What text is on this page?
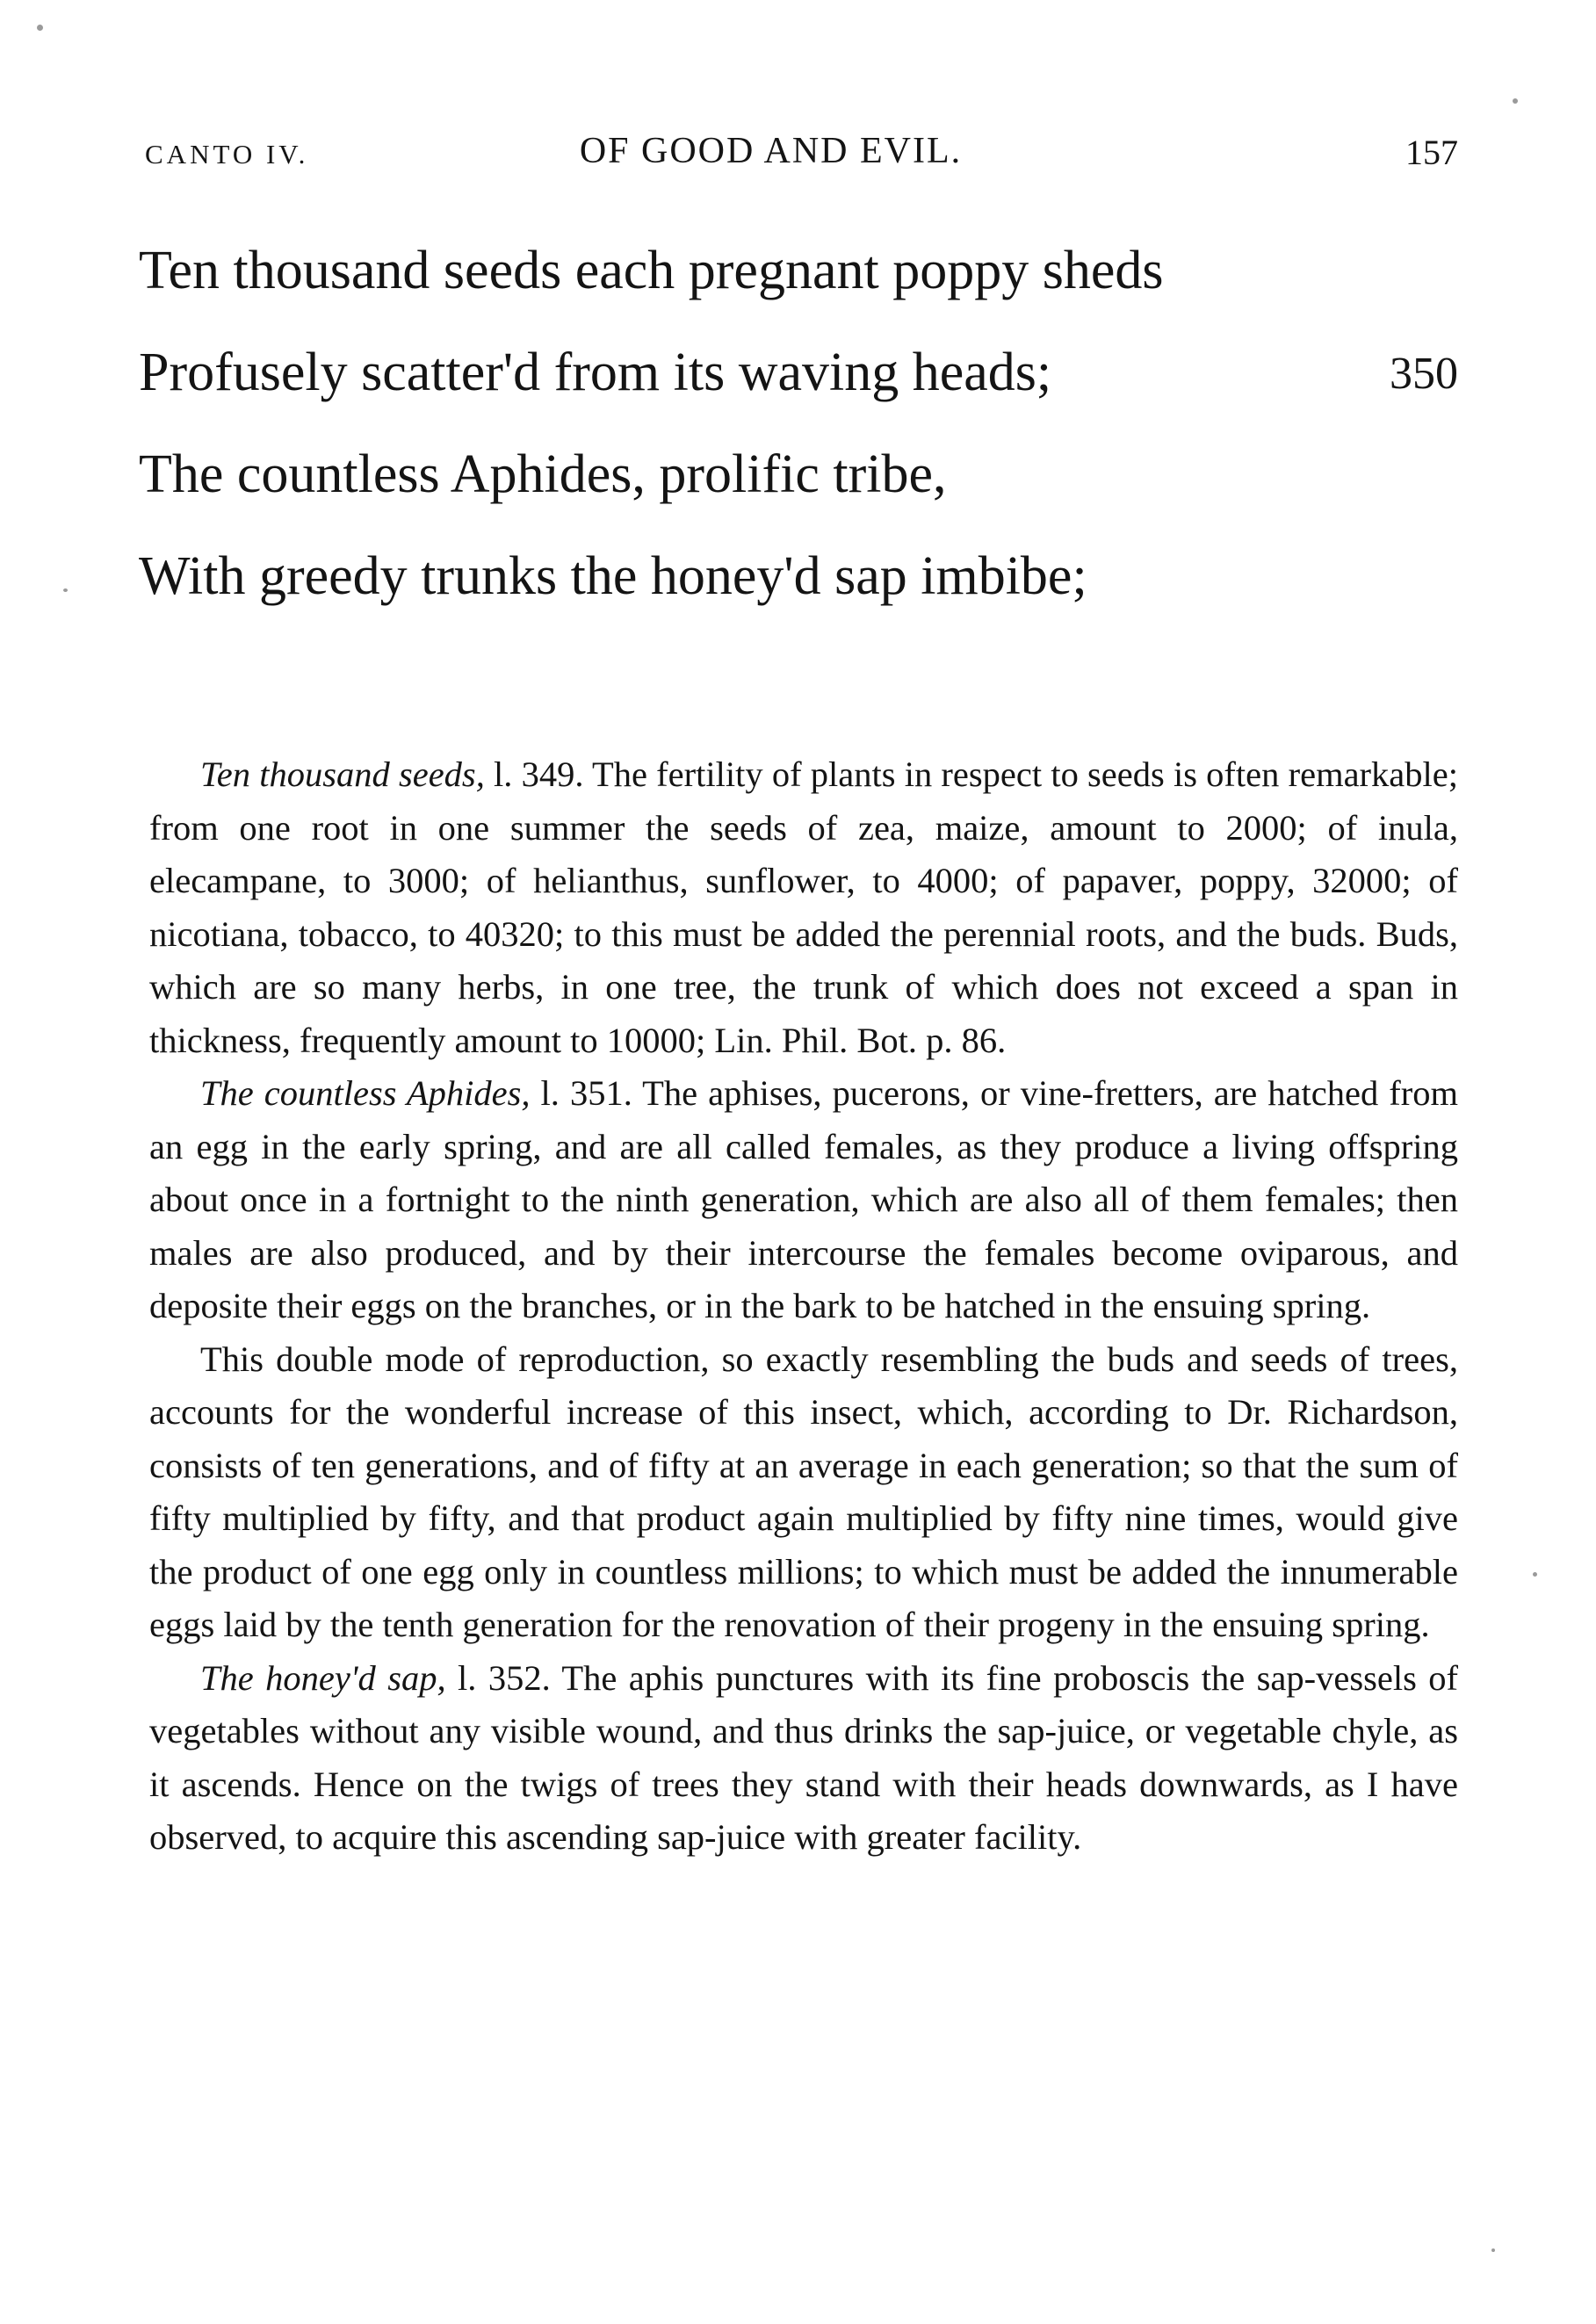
CANTO IV.	OF GOOD AND EVIL.	157
Ten thousand seeds each pregnant poppy sheds
Profusely scatter'd from its waving heads;	350
The countless Aphides, prolific tribe,
With greedy trunks the honey'd sap imbibe;

Ten thousand seeds, l. 349. The fertility of plants in respect to seeds is often remarkable; from one root in one summer the seeds of zea, maize, amount to 2000; of inula, elecampane, to 3000; of helianthus, sunflower, to 4000; of papaver, poppy, 32000; of nicotiana, tobacco, to 40320; to this must be added the perennial roots, and the buds. Buds, which are so many herbs, in one tree, the trunk of which does not exceed a span in thickness, frequently amount to 10000; Lin. Phil. Bot. p. 86.

The countless Aphides, l. 351. The aphises, pucerons, or vine-fretters, are hatched from an egg in the early spring, and are all called females, as they produce a living offspring about once in a fortnight to the ninth generation, which are also all of them females; then males are also produced, and by their intercourse the females become oviparous, and deposite their eggs on the branches, or in the bark to be hatched in the ensuing spring.

This double mode of reproduction, so exactly resembling the buds and seeds of trees, accounts for the wonderful increase of this insect, which, according to Dr. Richardson, consists of ten generations, and of fifty at an average in each generation; so that the sum of fifty multiplied by fifty, and that product again multiplied by fifty nine times, would give the product of one egg only in countless millions; to which must be added the innumerable eggs laid by the tenth generation for the renovation of their progeny in the ensuing spring.

The honey'd sap, l. 352. The aphis punctures with its fine proboscis the sap-vessels of vegetables without any visible wound, and thus drinks the sap-juice, or vegetable chyle, as it ascends. Hence on the twigs of trees they stand with their heads downwards, as I have observed, to acquire this ascending sap-juice with greater facility.
